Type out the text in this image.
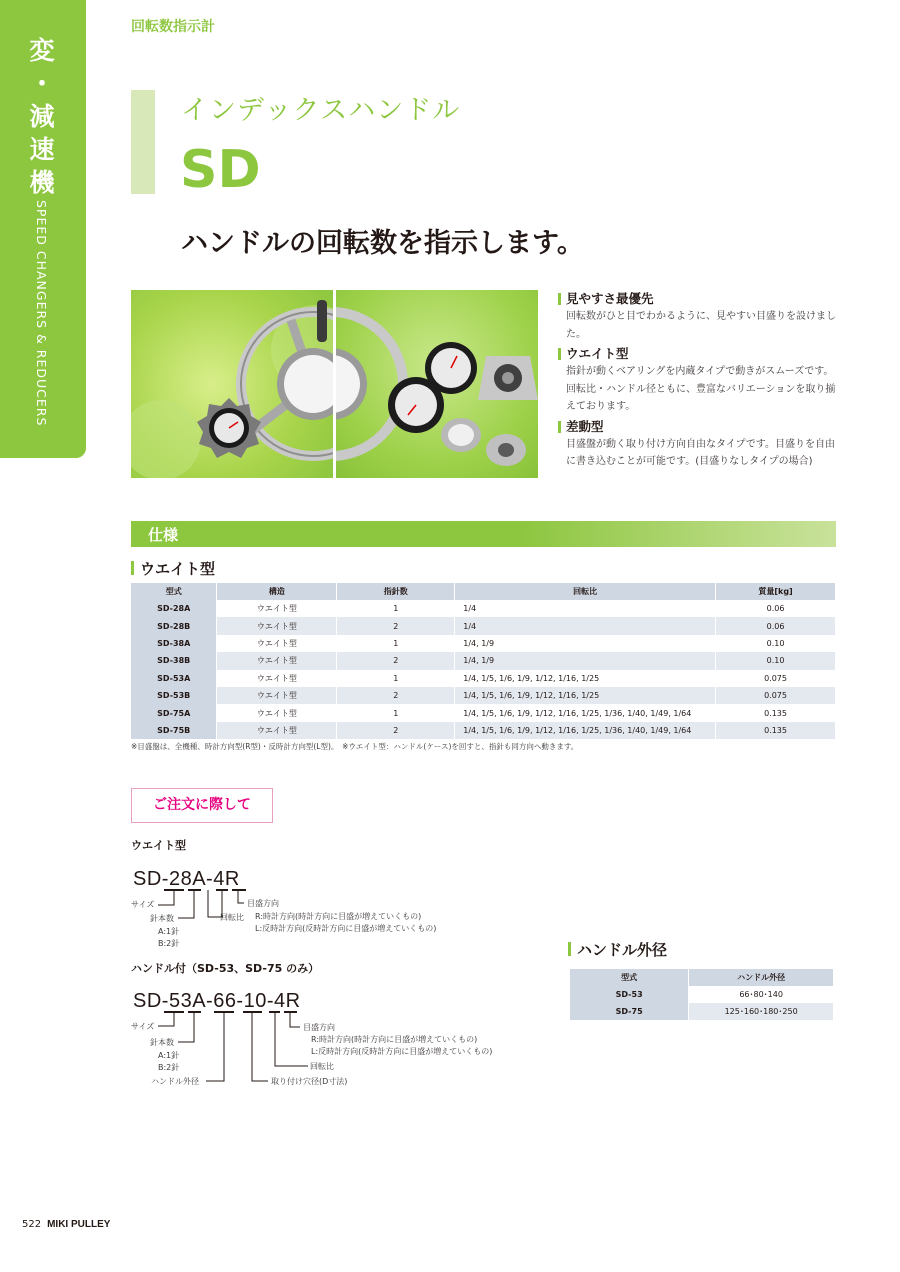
変
・
減
速
機
SPEED CHANGERS & REDUCERS
回転数指示計
インデックスハンドル
SD
ハンドルの回転数を指示します。
見やすさ最優先
回転数がひと目でわかるように、見やすい目盛りを設けました。
ウエイト型
指針が動くベアリングを内蔵タイプで動きがスムーズです。回転比・ハンドル径ともに、豊富なバリエーションを取り揃えております。
差動型
目盛盤が動く取り付け方向自由なタイプです。目盛りを自由に書き込むことが可能です。(目盛りなしタイプの場合)
仕様
ウエイト型
型式	構造	指針数	回転比	質量[kg]
SD-28A	ウエイト型	1	1/4	0.06
SD-28B	ウエイト型	2	1/4	0.06
SD-38A	ウエイト型	1	1/4, 1/9	0.10
SD-38B	ウエイト型	2	1/4, 1/9	0.10
SD-53A	ウエイト型	1	1/4, 1/5, 1/6, 1/9, 1/12, 1/16, 1/25	0.075
SD-53B	ウエイト型	2	1/4, 1/5, 1/6, 1/9, 1/12, 1/16, 1/25	0.075
SD-75A	ウエイト型	1	1/4, 1/5, 1/6, 1/9, 1/12, 1/16, 1/25, 1/36, 1/40, 1/49, 1/64	0.135
SD-75B	ウエイト型	2	1/4, 1/5, 1/6, 1/9, 1/12, 1/16, 1/25, 1/36, 1/40, 1/49, 1/64	0.135
※目盛盤は、全機種、時計方向型(R型)・反時計方向型(L型)。　※ウエイト型：ハンドル(ケース)を回すと、指針も同方向へ動きます。
ご注文に際して
ウエイト型
SD-28A-4R
サイズ
針本数
A:1針
B:2針
回転比
目盛方向
R:時計方向(時計方向に目盛が増えていくもの)
L:反時計方向(反時計方向に目盛が増えていくもの)
ハンドル付（SD-53、SD-75 のみ）
SD-53A-66-10-4R
サイズ
針本数
A:1針
B:2針
ハンドル外径	取り付け穴径(D寸法)
回転比
目盛方向
R:時計方向(時計方向に目盛が増えていくもの)
L:反時計方向(反時計方向に目盛が増えていくもの)
ハンドル外径
型式	ハンドル外径
SD-53	66･80･140
SD-75	125･160･180･250
522 MIKI PULLEY
